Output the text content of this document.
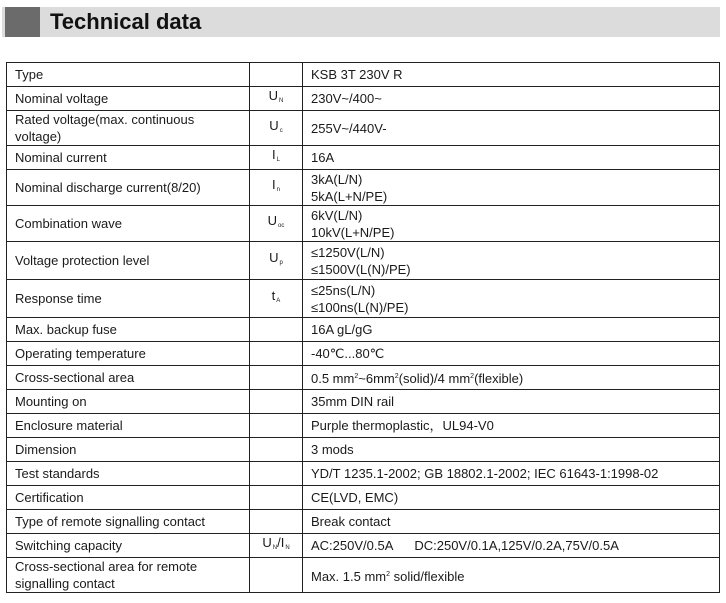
Technical data
Type		KSB 3T 230V R

Nominal voltage	$U_N$	230V~/400~

Rated voltage(max. continuous voltage)	$U_c$	255V~/440V-

Nominal current	$I_L$	16A

Nominal discharge current(8/20)	$I_n$	3kA(L/N)
5kA(L+N/PE)

Combination wave	$U_{oc}$	6kV(L/N)
10kV(L+N/PE)

Voltage protection level	$U_p$	≤1250V(L/N)
≤1500V(L(N)/PE)

Response time	$t_A$	≤25ns(L/N)
≤100ns(L(N)/PE)

Max. backup fuse		16A gL/gG

Operating temperature		-40℃...80℃

Cross-sectional area		0.5 $mm^2\sim 6mm^2(solid)/4$ $mm^2(flexible)$
Mounting on		35mm DIN rail

Enclosure material		Purple thermoplastic，UL94-V0

Dimension		3 mods

Test standards		YD/T 1235.1-2002; GB 18802.1-2002; IEC 61643-1:1998-02

Certification		CE(LVD, EMC)

Type of remote signalling contact		Break contact

Switching capacity	$U_N/I_N$	AC:250V/0.5A      DC:250V/0.1A,125V/0.2A,75V/0.5A

Cross-sectional area for remote signalling contact		Max. 1.5 $mm^2$ solid/flexible
